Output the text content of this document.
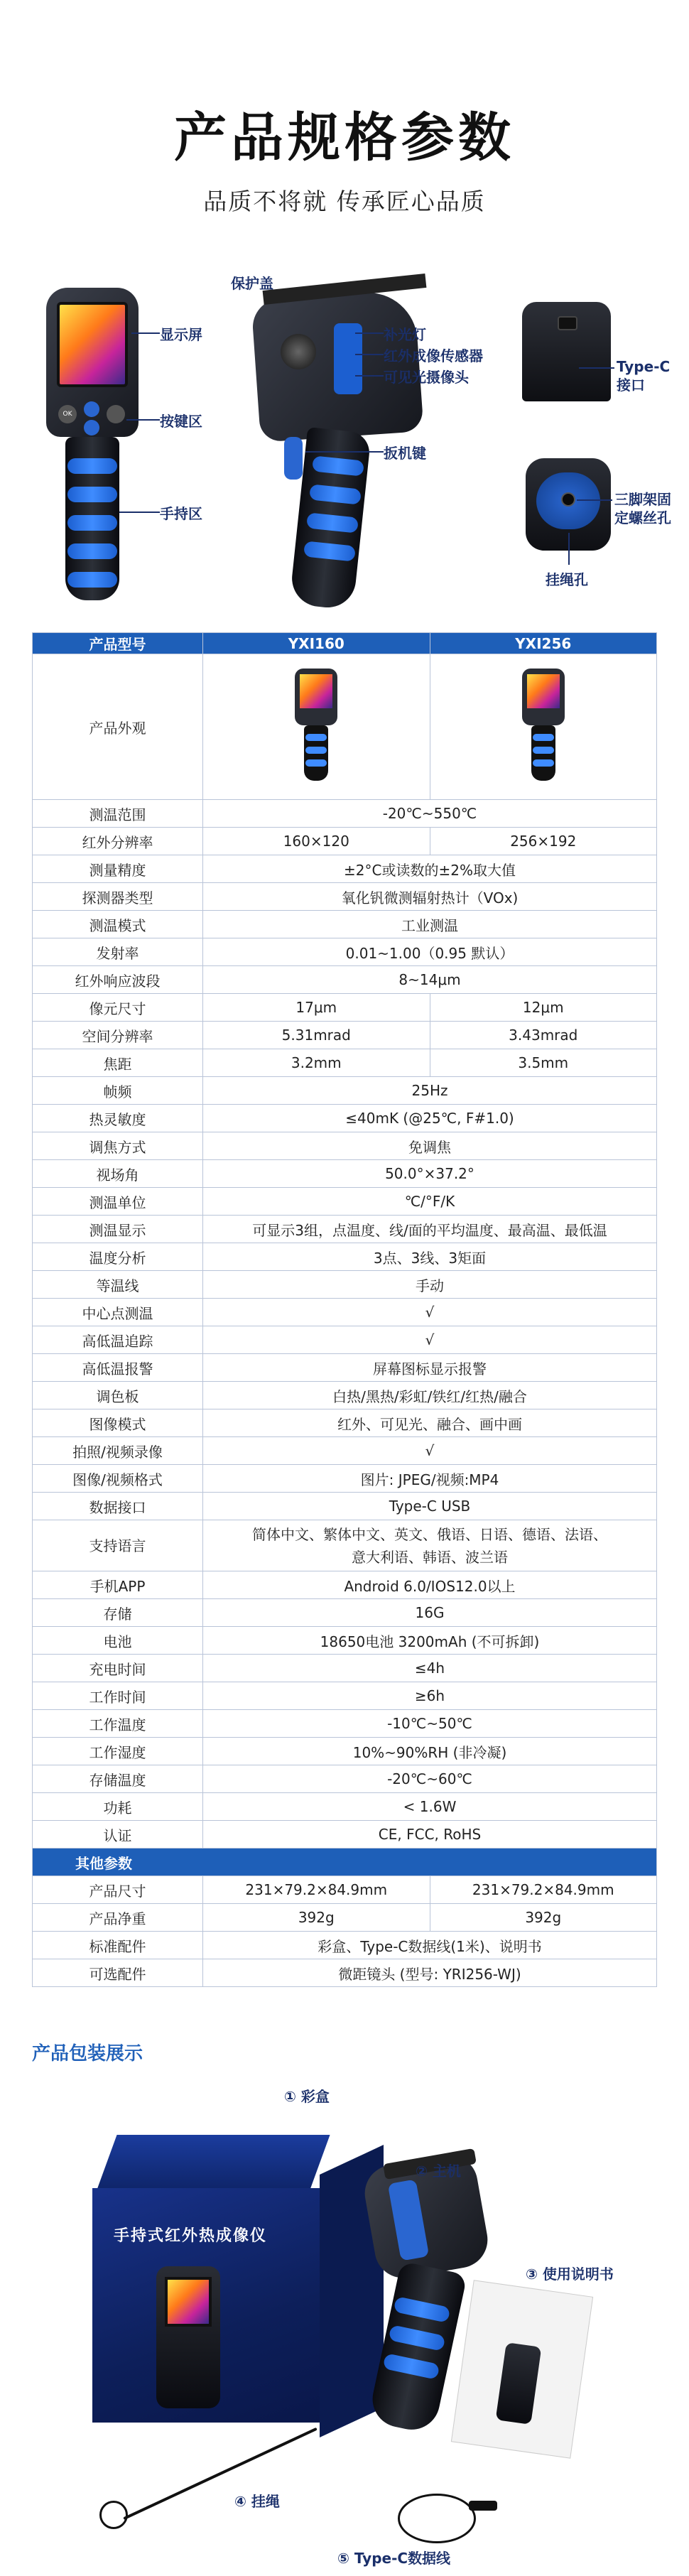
产品规格参数
品质不将就 传承匠心品质
OK
显示屏
按键区
手持区
保护盖
补光灯
红外成像传感器
可见光摄像头
扳机键
Type-C
接口
三脚架固
定螺丝孔
挂绳孔
产品型号	YXI160	YXI256
产品外观	

测温范围	-20℃~550℃	
红外分辨率	160×120	256×192
测量精度	±2°C或读数的±2%取大值	
探测器类型	氧化钒微测辐射热计（VOx)	
测温模式	工业测温	
发射率	0.01~1.00（0.95 默认）	
红外响应波段	8~14μm	
像元尺寸	17μm	12μm
空间分辨率	5.31mrad	3.43mrad
焦距	3.2mm	3.5mm
帧频	25Hz	
热灵敏度	≤40mK (@25℃, F#1.0)	
调焦方式	免调焦	
视场角	50.0°×37.2°	
测温单位	℃/°F/K	
测温显示	可显示3组，点温度、线/面的平均温度、最高温、最低温	
温度分析	3点、3线、3矩面	
等温线	手动	
中心点测温	√	
高低温追踪	√	
高低温报警	屏幕图标显示报警	
调色板	白热/黑热/彩虹/铁红/红热/融合	
图像模式	红外、可见光、融合、画中画	
拍照/视频录像	√	
图像/视频格式	图片: JPEG/视频:MP4	
数据接口	Type-C USB	
支持语言	简体中文、繁体中文、英文、俄语、日语、德语、法语、
意大利语、韩语、波兰语	

手机APP	Android 6.0/IOS12.0以上	
存储	16G	
电池	18650电池 3200mAh (不可拆卸)	
充电时间	≤4h	
工作时间	≥6h	
工作温度	-10℃~50℃	
工作湿度	10%~90%RH (非冷凝)	
存储温度	-20℃~60℃	
功耗	< 1.6W	
认证	CE, FCC, RoHS	
其他参数		
产品尺寸	231×79.2×84.9mm	231×79.2×84.9mm
产品净重	392g	392g
标准配件	彩盒、Type-C数据线(1米)、说明书	
可选配件	微距镜头 (型号: YRI256-WJ)	
产品包装展示
手持式红外热成像仪
① 彩盒
② 主机
③ 使用说明书
④ 挂绳
⑤ Type-C数据线
